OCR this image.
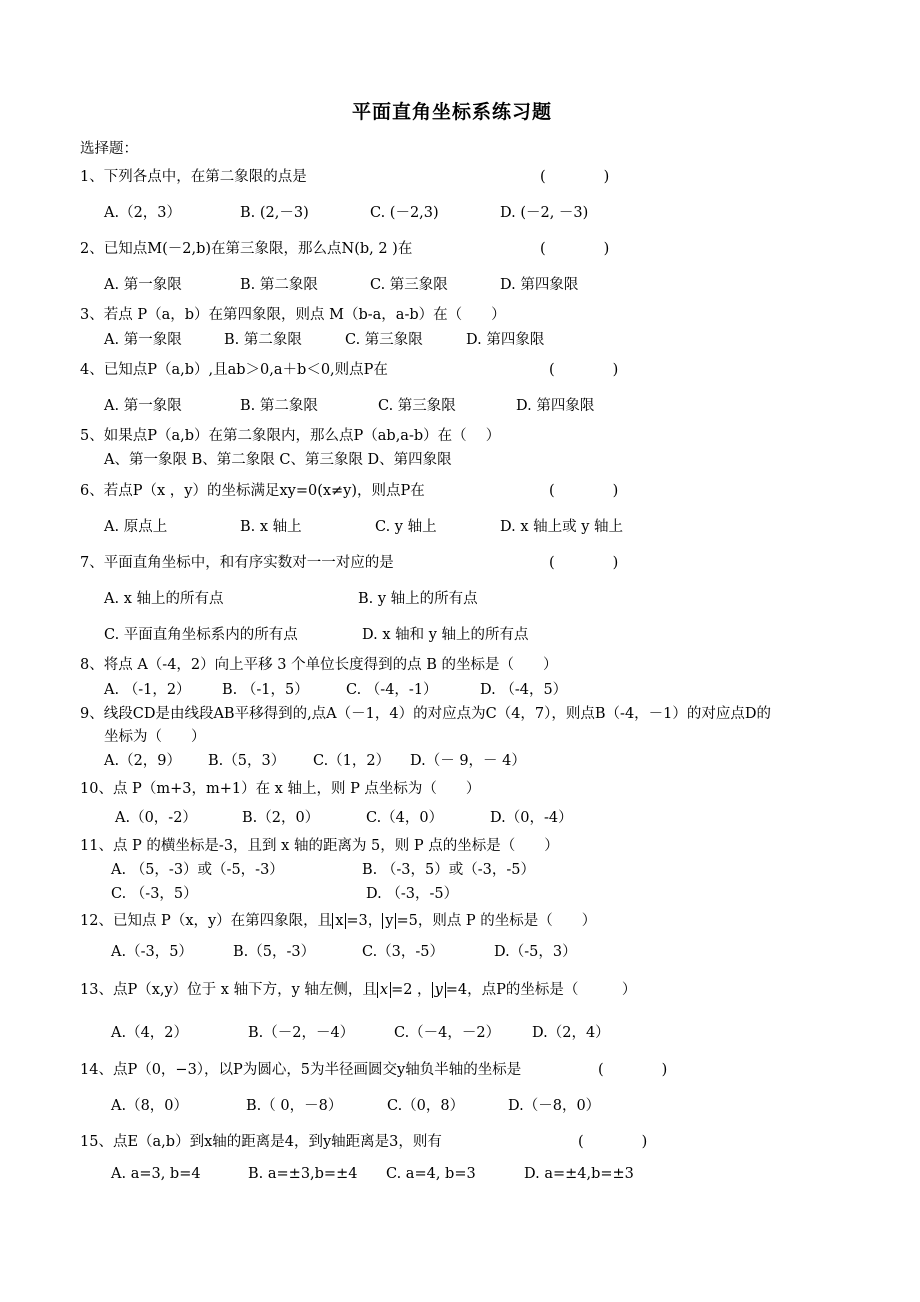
平面直角坐标系练习题
选择题：
1、下列各点中，在第二象限的点是	(　　　　)
A.（2，3）	B. (2,－3)	C. (－2,3)	D. (－2, －3)
2、已知点M(－2,b)在第三象限，那么点N(b, 2 )在	(　　　　)
A. 第一象限	B. 第二象限	C. 第三象限	D. 第四象限
3、若点 P（a，b）在第四象限，则点 M（b-a，a-b）在（　　）
A. 第一象限	B. 第二象限	C. 第三象限	D. 第四象限
4、已知点P（a,b）,且ab＞0,a＋b＜0,则点P在	(　　　　)
A. 第一象限	B. 第二象限	C. 第三象限	D. 第四象限
5、如果点P（a,b）在第二象限内，那么点P（ab,a-b）在（　 ）
A、第一象限 B、第二象限 C、第三象限 D、第四象限
6、若点P（x ，y）的坐标满足xy=0(x≠y)，则点P在	(　　　　)
A. 原点上	B. x 轴上	C. y 轴上	D. x 轴上或 y 轴上
7、平面直角坐标中，和有序实数对一一对应的是	(　　　　)
A. x 轴上的所有点	B. y 轴上的所有点
C. 平面直角坐标系内的所有点	D. x 轴和 y 轴上的所有点
8、将点 A（-4，2）向上平移 3 个单位长度得到的点 B 的坐标是（　　）
A. （-1，2） B. （-1，5）	C. （-4，-1）	D. （-4，5）
9、线段CD是由线段AB平移得到的,点A（－1，4）的对应点为C（4，7），则点B（-4，－1）的对应点D的
坐标为（　　）
A.（2，9） B.（5，3） C.（1，2） D.（－ 9，－ 4）
10、点 P（m+3，m+1）在 x 轴上，则 P 点坐标为（　　）
A.（0，-2）	B.（2，0）	C.（4，0）	D.（0，-4）
11、点 P 的横坐标是-3，且到 x 轴的距离为 5，则 P 点的坐标是（　　）
A. （5，-3）或（-5，-3）	B. （-3，5）或（-3，-5）
C. （-3，5）	D. （-3，-5）
12、已知点 P（x，y）在第四象限，且 x =3， y =5，则点 P 的坐标是（　　）
A.（-3，5）	B.（5，-3）	C.（3，-5）	D.（-5，3）
13、点P（x,y）位于 x 轴下方，y 轴左侧，且 x =2 ， y =4，点P的坐标是（　　　）
A.（4，2）	B.（－2，－4）	C.（－4，－2） D.（2，4）
14、点P（0，−3），以P为圆心，5为半径画圆交y轴负半轴的坐标是	(　　　　)
A.（8，0）	B.（ 0，－8）	C.（0，8）	D.（－8，0）
15、点E（a,b）到x轴的距离是4，到y轴距离是3，则有	(　　　　)
A. a=3, b=4	B. a=±3,b=±4 C. a=4, b=3	D. a=±4,b=±3
